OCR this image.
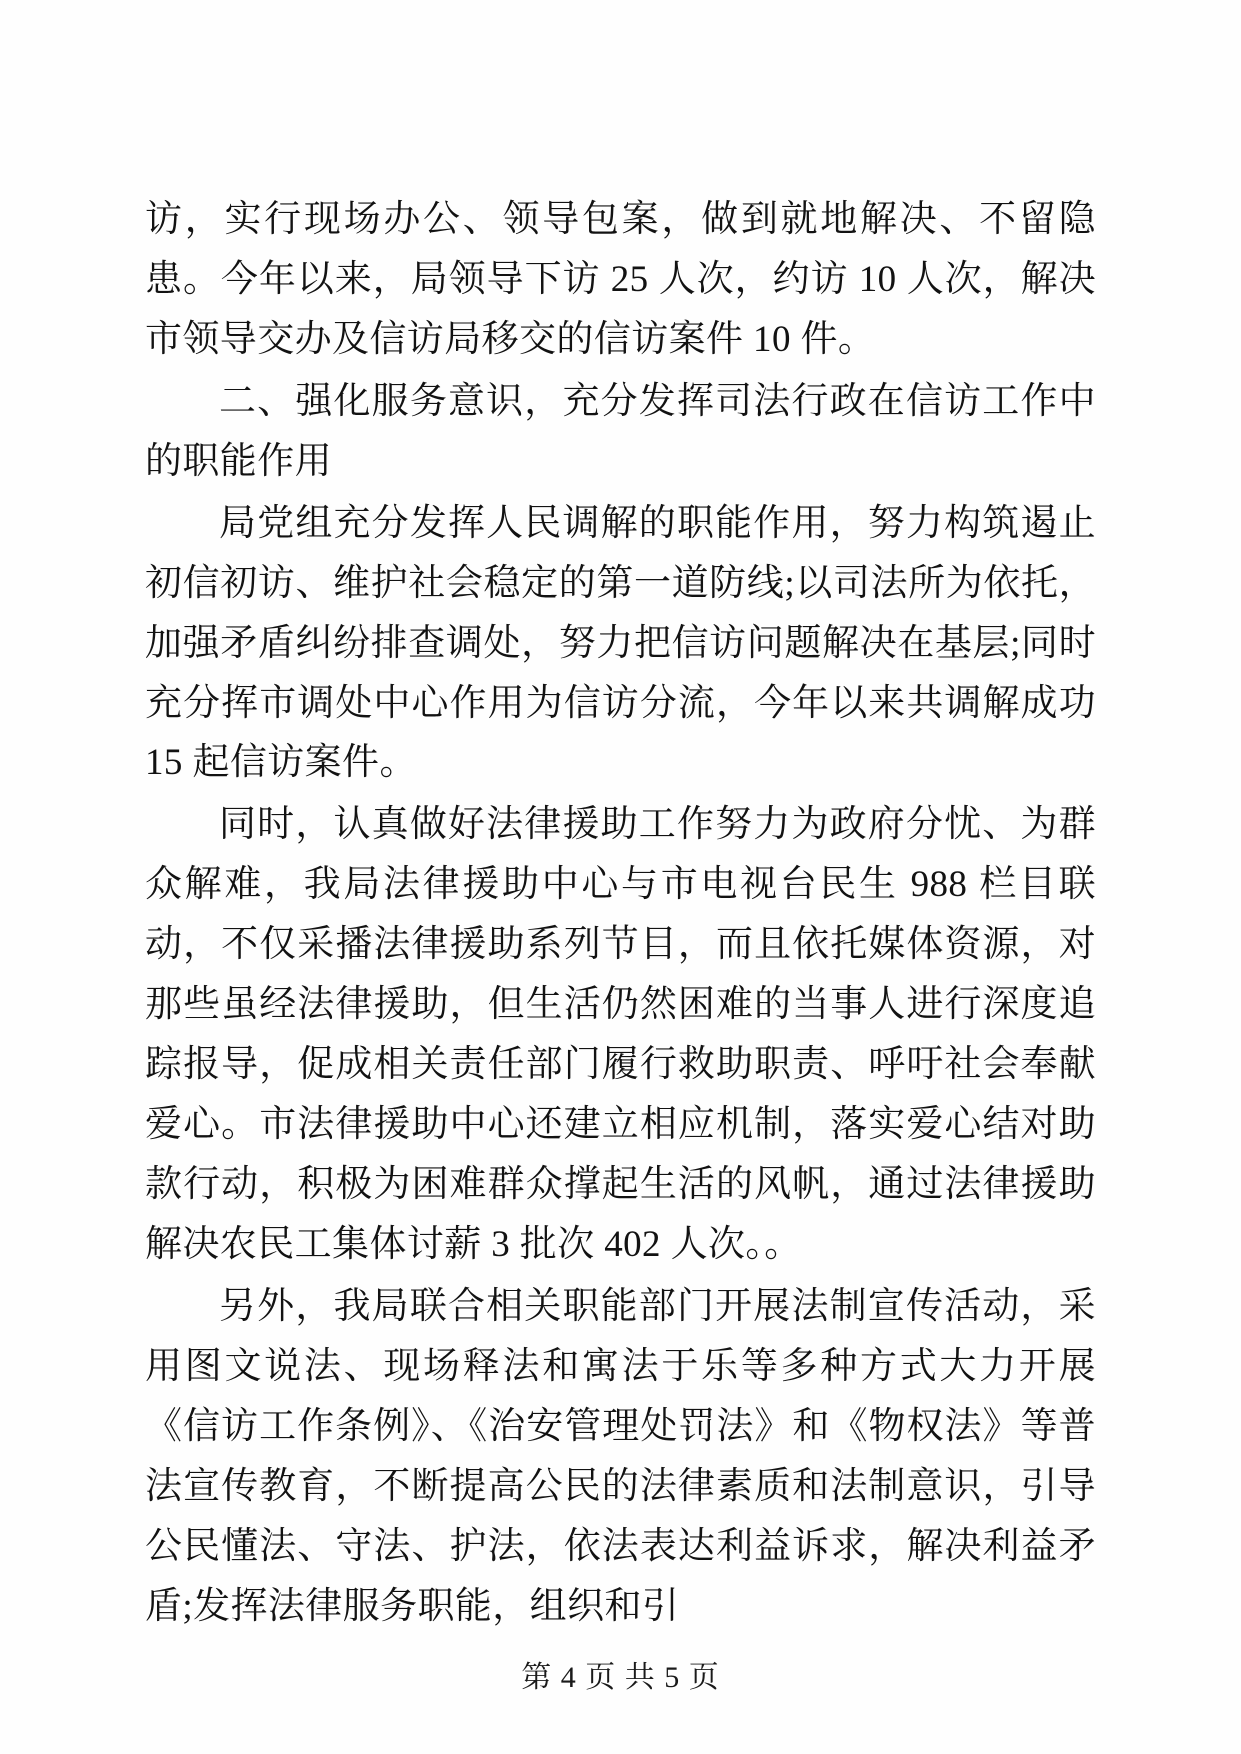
访，实行现场办公、领导包案，做到就地解决、不留隐患。今年以来，局领导下访 25 人次，约访 10 人次，解决市领导交办及信访局移交的信访案件 10 件。

二、强化服务意识，充分发挥司法行政在信访工作中的职能作用

局党组充分发挥人民调解的职能作用，努力构筑遏止初信初访、维护社会稳定的第一道防线;以司法所为依托，加强矛盾纠纷排查调处，努力把信访问题解决在基层;同时充分挥市调处中心作用为信访分流，今年以来共调解成功 15 起信访案件。

同时，认真做好法律援助工作努力为政府分忧、为群众解难，我局法律援助中心与市电视台民生 988 栏目联动，不仅采播法律援助系列节目，而且依托媒体资源，对那些虽经法律援助，但生活仍然困难的当事人进行深度追踪报导，促成相关责任部门履行救助职责、呼吁社会奉献爱心。市法律援助中心还建立相应机制，落实爱心结对助款行动，积极为困难群众撑起生活的风帆，通过法律援助解决农民工集体讨薪 3 批次 402 人次。。

另外，我局联合相关职能部门开展法制宣传活动，采用图文说法、现场释法和寓法于乐等多种方式大力开展《信访工作条例》、《治安管理处罚法》和《物权法》等普法宣传教育，不断提高公民的法律素质和法制意识，引导公民懂法、守法、护法，依法表达利益诉求，解决利益矛盾;发挥法律服务职能，组织和引

第 4 页 共 5 页
